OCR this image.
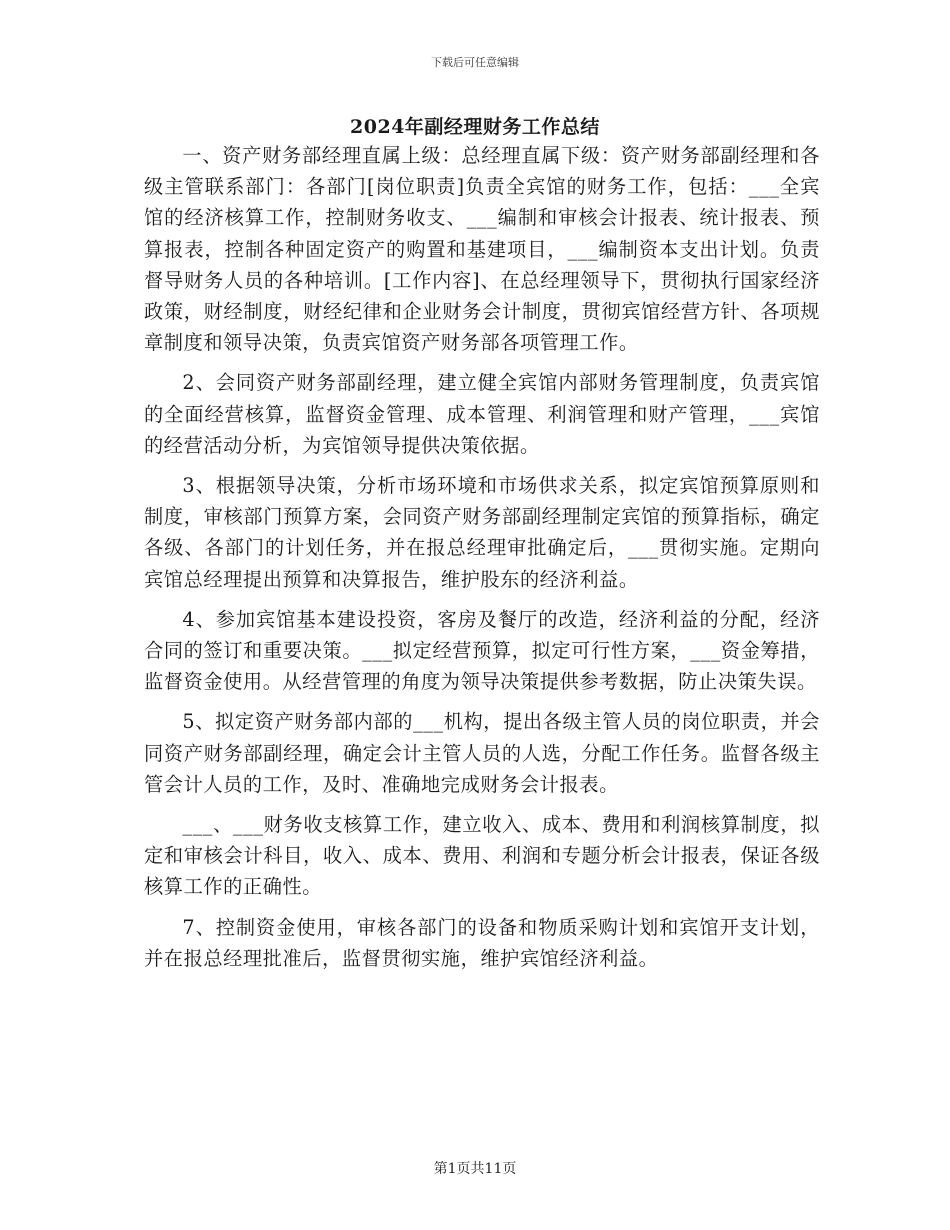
下载后可任意编辑
2024年副经理财务工作总结

一、资产财务部经理直属上级：总经理直属下级：资产财务部副经理和各级主管联系部门：各部门[岗位职责]负责全宾馆的财务工作，包括：___全宾馆的经济核算工作，控制财务收支、___编制和审核会计报表、统计报表、预算报表，控制各种固定资产的购置和基建项目，___编制资本支出计划。负责督导财务人员的各种培训。[工作内容]、在总经理领导下，贯彻执行国家经济政策，财经制度，财经纪律和企业财务会计制度，贯彻宾馆经营方针、各项规章制度和领导决策，负责宾馆资产财务部各项管理工作。

2、会同资产财务部副经理，建立健全宾馆内部财务管理制度，负责宾馆的全面经营核算，监督资金管理、成本管理、利润管理和财产管理，___宾馆的经营活动分析，为宾馆领导提供决策依据。

3、根据领导决策，分析市场环境和市场供求关系，拟定宾馆预算原则和制度，审核部门预算方案，会同资产财务部副经理制定宾馆的预算指标，确定各级、各部门的计划任务，并在报总经理审批确定后，___贯彻实施。定期向宾馆总经理提出预算和决算报告，维护股东的经济利益。

4、参加宾馆基本建设投资，客房及餐厅的改造，经济利益的分配，经济合同的签订和重要决策。___拟定经营预算，拟定可行性方案，___资金筹措，监督资金使用。从经营管理的角度为领导决策提供参考数据，防止决策失误。

5、拟定资产财务部内部的___机构，提出各级主管人员的岗位职责，并会同资产财务部副经理，确定会计主管人员的人选，分配工作任务。监督各级主管会计人员的工作，及时、准确地完成财务会计报表。

___、___财务收支核算工作，建立收入、成本、费用和利润核算制度，拟定和审核会计科目，收入、成本、费用、利润和专题分析会计报表，保证各级核算工作的正确性。

7、控制资金使用，审核各部门的设备和物质采购计划和宾馆开支计划，并在报总经理批准后，监督贯彻实施，维护宾馆经济利益。

第1页共11页
